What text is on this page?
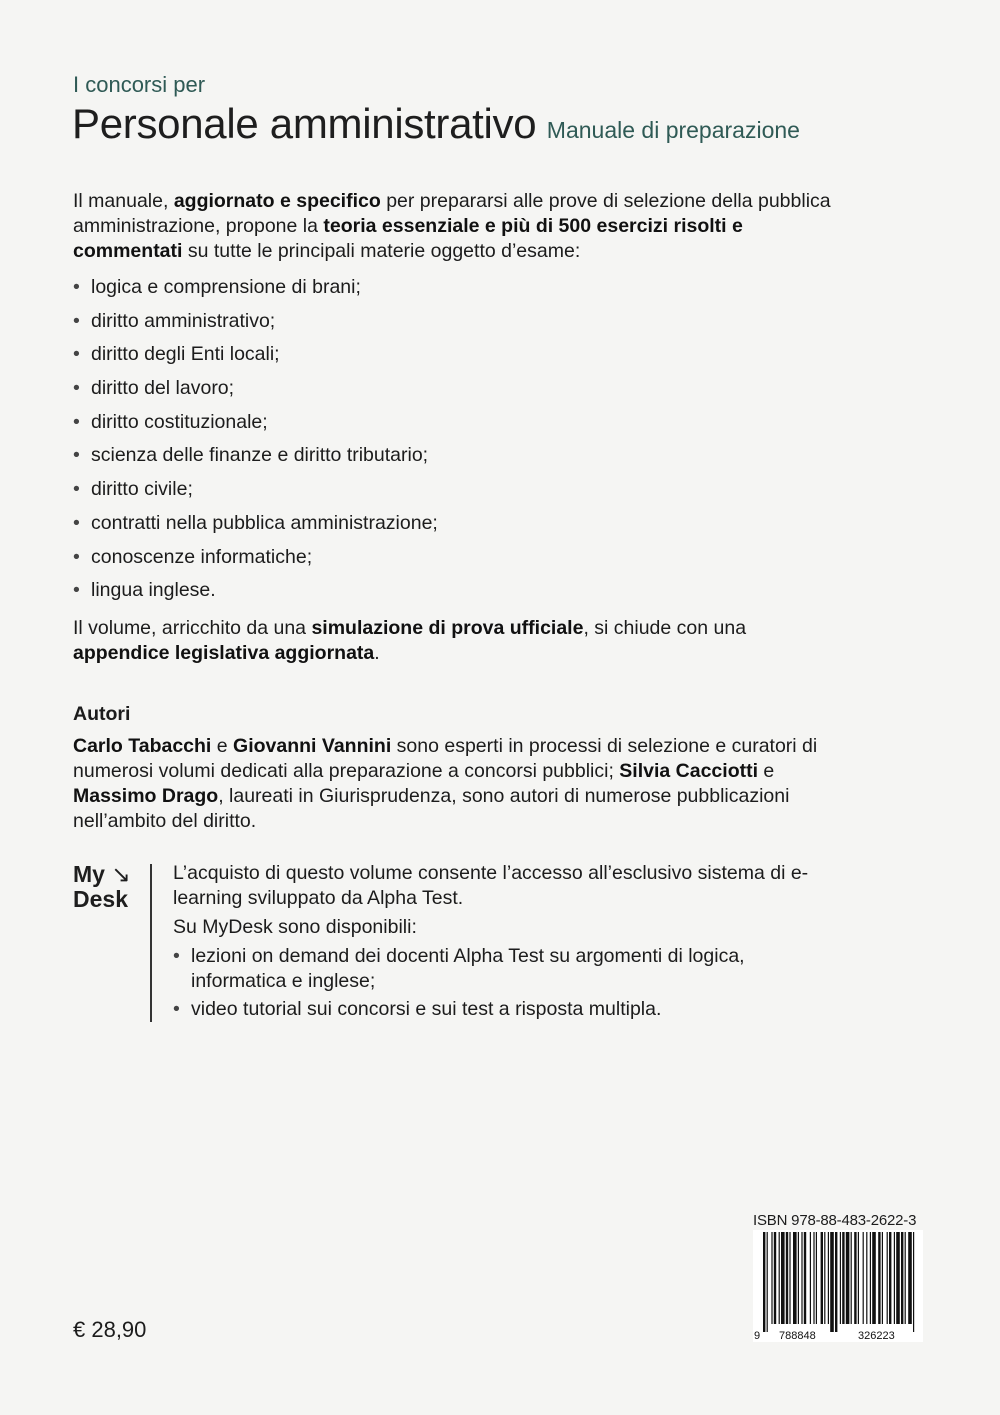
I concorsi per
Personale amministrativo Manuale di preparazione
Il manuale, aggiornato e specifico per prepararsi alle prove di selezione della pubblica amministrazione, propone la teoria essenziale e più di 500 esercizi risolti e commentati su tutte le principali materie oggetto d’esame:
• logica e comprensione di brani;
• diritto amministrativo;
• diritto degli Enti locali;
• diritto del lavoro;
• diritto costituzionale;
• scienza delle finanze e diritto tributario;
• diritto civile;
• contratti nella pubblica amministrazione;
• conoscenze informatiche;
• lingua inglese.
Il volume, arricchito da una simulazione di prova ufficiale, si chiude con una
appendice legislativa aggiornata.
Autori
Carlo Tabacchi e Giovanni Vannini sono esperti in processi di selezione e curatori di numerosi volumi dedicati alla preparazione a concorsi pubblici; Silvia Cacciotti e Massimo Drago, laureati in Giurisprudenza, sono autori di numerose pubblicazioni nell’ambito del diritto.
My ↘
Desk

L’acquisto di questo volume consente l’accesso all’esclusivo sistema di e-learning sviluppato da Alpha Test.

Su MyDesk sono disponibili:

• lezioni on demand dei docenti Alpha Test su argomenti di logica, informatica e inglese;
• video tutorial sui concorsi e sui test a risposta multipla.
ISBN 978-88-483-2622-3
9 788848	326223
€ 28,90
